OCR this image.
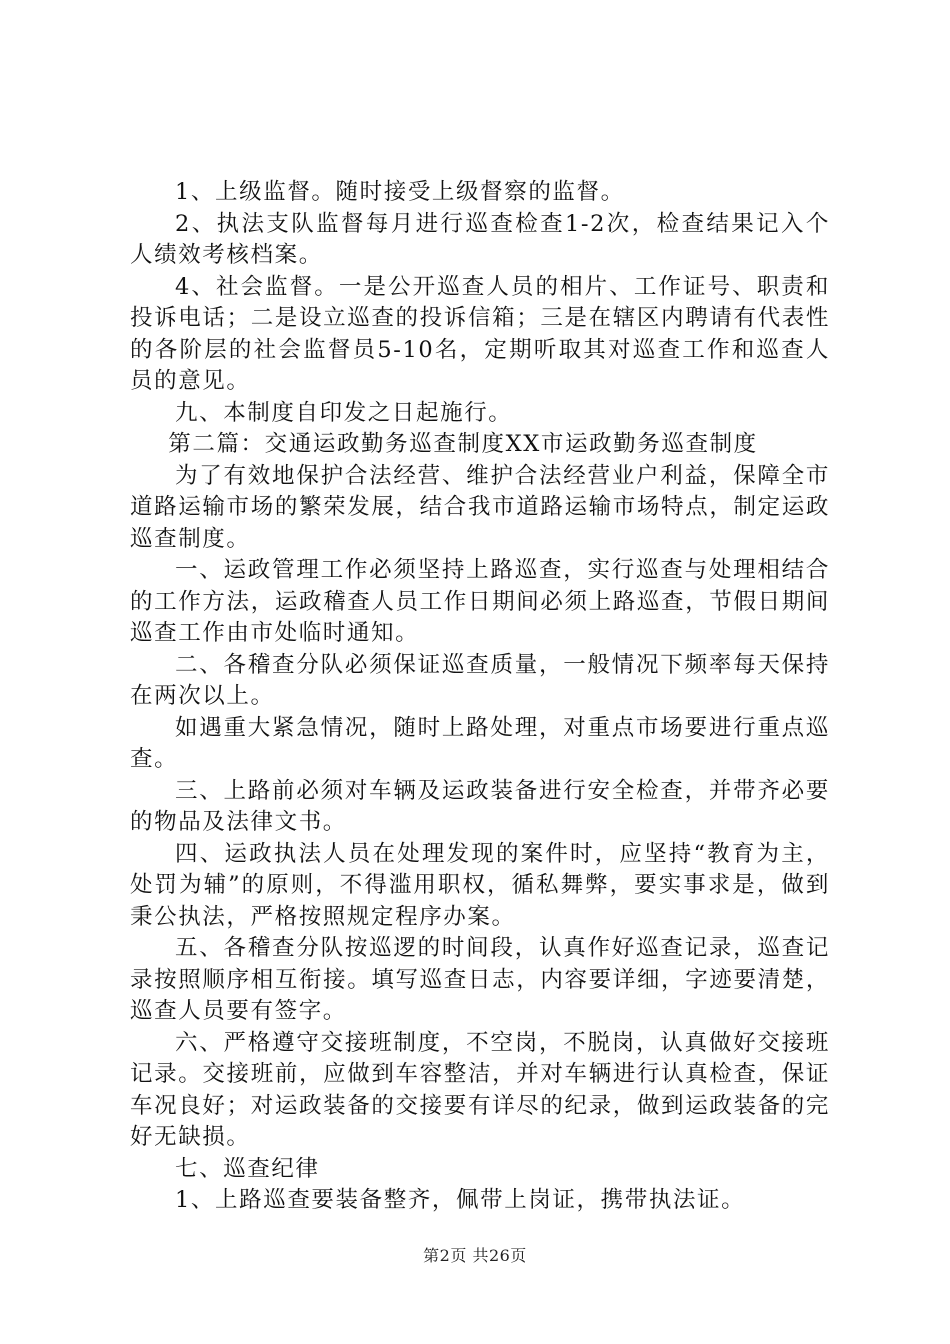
1、上级监督。随时接受上级督察的监督。

2、执法支队监督每月进行巡查检查1-2次，检查结果记入个人绩效考核档案。

4、社会监督。一是公开巡查人员的相片、工作证号、职责和投诉电话；二是设立巡查的投诉信箱；三是在辖区内聘请有代表性的各阶层的社会监督员5-10名，定期听取其对巡查工作和巡查人员的意见。

九、本制度自印发之日起施行。

第二篇：交通运政勤务巡查制度XX市运政勤务巡查制度

为了有效地保护合法经营、维护合法经营业户利益，保障全市道路运输市场的繁荣发展，结合我市道路运输市场特点，制定运政巡查制度。

一、运政管理工作必须坚持上路巡查，实行巡查与处理相结合的工作方法，运政稽查人员工作日期间必须上路巡查，节假日期间巡查工作由市处临时通知。

二、各稽查分队必须保证巡查质量，一般情况下频率每天保持在两次以上。

如遇重大紧急情况，随时上路处理，对重点市场要进行重点巡查。

三、上路前必须对车辆及运政装备进行安全检查，并带齐必要的物品及法律文书。

四、运政执法人员在处理发现的案件时，应坚持“教育为主，处罚为辅”的原则，不得滥用职权，循私舞弊，要实事求是，做到秉公执法，严格按照规定程序办案。

五、各稽查分队按巡逻的时间段，认真作好巡查记录，巡查记录按照顺序相互衔接。填写巡查日志，内容要详细，字迹要清楚，巡查人员要有签字。

六、严格遵守交接班制度，不空岗，不脱岗，认真做好交接班记录。交接班前，应做到车容整洁，并对车辆进行认真检查，保证车况良好；对运政装备的交接要有详尽的纪录，做到运政装备的完好无缺损。

七、巡查纪律

1、上路巡查要装备整齐，佩带上岗证，携带执法证。

第2页 共26页
